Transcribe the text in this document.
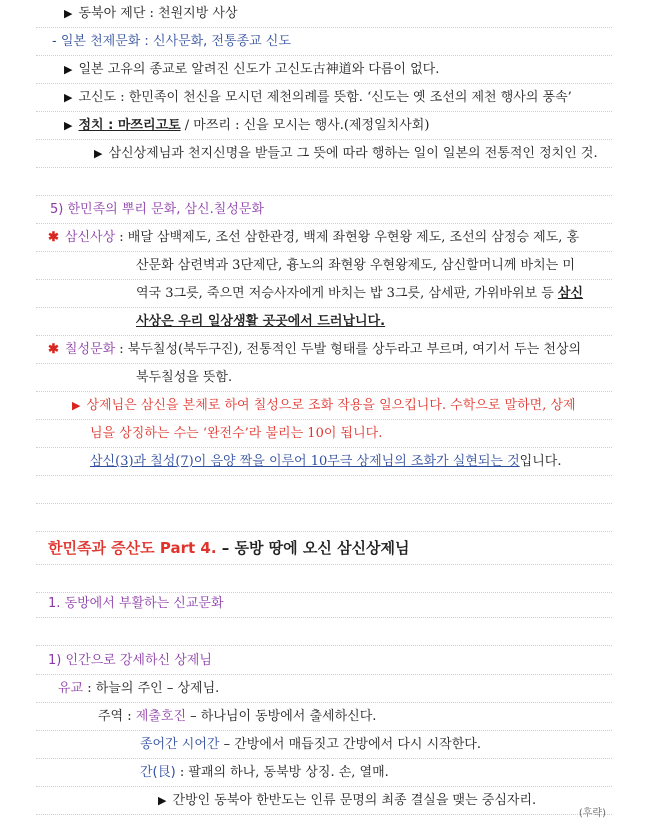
▶ 동북아 제단 : 천원지방 사상
- 일본 천제문화 : 신사문화, 전통종교 신도
▶ 일본 고유의 종교로 알려진 신도가 고신도古神道와 다름이 없다.
▶ 고신도 : 한민족이 천신을 모시던 제천의례를 뜻함. ‘신도는 옛 조선의 제천 행사의 풍속’
▶ 정치 : 마쯔리고토 / 마쯔리 : 신을 모시는 행사.(제정일치사회)
▶ 삼신상제님과 천지신명을 받들고 그 뜻에 따라 행하는 일이 일본의 전통적인 정치인 것.
5) 한민족의 뿌리 문화, 삼신.칠성문화
✱ 삼신사상 : 배달 삼백제도, 조선 삼한관경, 백제 좌현왕 우현왕 제도, 조선의 삼정승 제도, 홍
산문화 삼련벽과 3단제단, 흉노의 좌현왕 우현왕제도, 삼신할머니께 바치는 미
역국 3그릇, 죽으면 저승사자에게 바치는 밥 3그릇, 삼세판, 가위바위보 등 삼신
사상은 우리 일상생활 곳곳에서 드러납니다.
✱ 칠성문화 : 북두칠성(북두구진), 전통적인 두발 형태를 상두라고 부르며, 여기서 두는 천상의
북두칠성을 뜻함.
▶ 상제님은 삼신을 본체로 하여 칠성으로 조화 작용을 일으킵니다. 수학으로 말하면, 상제
님을 상징하는 수는 ‘완전수’라 불리는 10이 됩니다.
삼신(3)과 칠성(7)이 음양 짝을 이루어 10무극 상제님의 조화가 실현되는 것입니다.
한민족과 증산도 Part 4. – 동방 땅에 오신 삼신상제님
1. 동방에서 부활하는 신교문화
1) 인간으로 강세하신 상제님
유교 : 하늘의 주인 – 상제님.
주역 : 제출호진 – 하나님이 동방에서 출세하신다.
종어간 시어간 – 간방에서 매듭짓고 간방에서 다시 시작한다.
간(艮) : 팔괘의 하나, 동북방 상징. 손, 열매.
▶ 간방인 동북아 한반도는 인류 문명의 최종 결실을 맺는 중심자리.
(후략)
